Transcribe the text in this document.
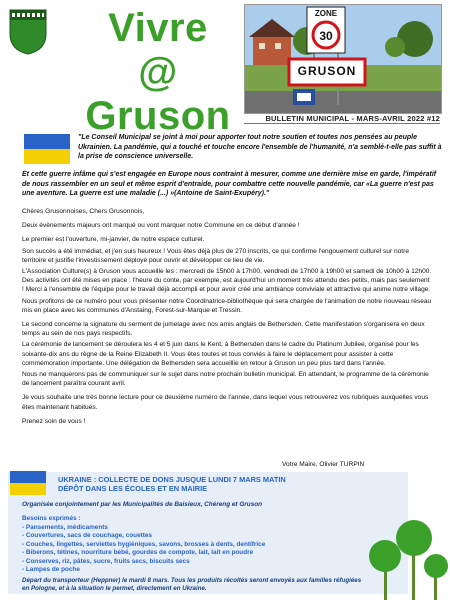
Vivre
@
Gruson
ZONE
30
GRUSON
BULLETIN MUNICIPAL - MARS-AVRIL 2022 #12
"Le Conseil Municipal se joint à moi pour apporter tout notre soutien et toutes nos pensées au peuple Ukrainien. La pandémie, qui a touché et touche encore l'ensemble de l'humanité, n'a semblé-t-elle pas suffit à la prise de conscience universelle.
Et cette guerre infâme qui s'est engagée en Europe nous contraint à mesurer, comme une dernière mise en garde, l'impératif de nous rassembler en un seul et même esprit d'entraide, pour combattre cette nouvelle pandémie, car «La guerre n'est pas une aventure. La guerre est une maladie (...) »(Antoine de Saint-Exupéry)."

Chères Grusonnoises, Chers Grusonnois,

Deux évènements majeurs ont marqué ou vont marquer notre Commune en ce début d'année !

Le premier est l'ouverture, mi-janvier, de notre espace culturel.

Son succès a été immédiat, et j'en suis heureux ! Vous êtes déjà plus de 270 inscrits, ce qui confirme l'engouement culturel sur notre territoire et justifie l'investissement déployé pour ouvrir et développer ce lieu de vie.

L'Association Culture(s) à Gruson vous accueille les : mercredi de 15h00 à 17h00, vendredi de 17h00 à 19h00 et samedi de 10h00 à 12h00. Des activités ont été mises en place : l'heure du conte, par exemple, est aujourd'hui un moment très attendu des petits, mais pas seulement ! Merci à l'ensemble de l'équipe pour le travail déjà accompli et pour avoir créé une ambiance conviviale et attractive qui anime notre village.

Nous profitons de ce numéro pour vous présenter notre Coordinatrice-bibliothèque qui sera chargée de l'animation de notre nouveau réseau mis en place avec les communes d'Anstaing, Forest-sur-Marque et Tressin.

Le second concerne la signature du serment de jumelage avec nos amis anglais de Bethersden. Cette manifestation s'organisera en deux temps au sein de nos pays respectifs.

La cérémonie de lancement se déroulera les 4 et 5 juin dans le Kent, à Bethersden dans le cadre du Platinum Jubilee, organisé pour les soixante-dix ans du règne de la Reine Elizabeth II. Vous êtes toutes et tous conviés à faire le déplacement pour assister à cette commémoration importante. Une délégation de Bethersden sera accueillie en retour à Gruson un peu plus tard dans l'année.

Nous ne manquerons pas de communiquer sur le sujet dans notre prochain bulletin municipal. En attendant, le programme de la cérémonie de lancement paraîtra courant avril.

Je vous souhaite une très bonne lecture pour ce deuxième numéro de l'année, dans lequel vous retrouverez vos rubriques auxquelles vous êtes maintenant habitués.

Prenez soin de vous !

Votre Maire, Olivier TURPIN
UKRAINE : COLLECTE DE DONS JUSQUE LUNDI 7 MARS MATIN
DÉPÔT DANS LES ÉCOLES ET EN MAIRIE
Organisée conjointement par les Municipalités de Baisieux, Chéreng et Gruson
Besoins exprimés :
- Pansements, médicaments
- Couvertures, sacs de couchage, couettes
- Couches, lingettes, serviettes hygiéniques, savons, brosses à dents, dentifrice
- Biberons, tétines, nourriture bébé, gourdes de compote, lait, lait en poudre
- Conserves, riz, pâtes, sucre, fruits secs, biscuits secs
- Lampes de poche
Départ du transporteur (Heppner) le mardi 8 mars. Tous les produits récoltés seront envoyés aux familles réfugiées en Pologne, et à la situation le permet, directement en Ukraine.
